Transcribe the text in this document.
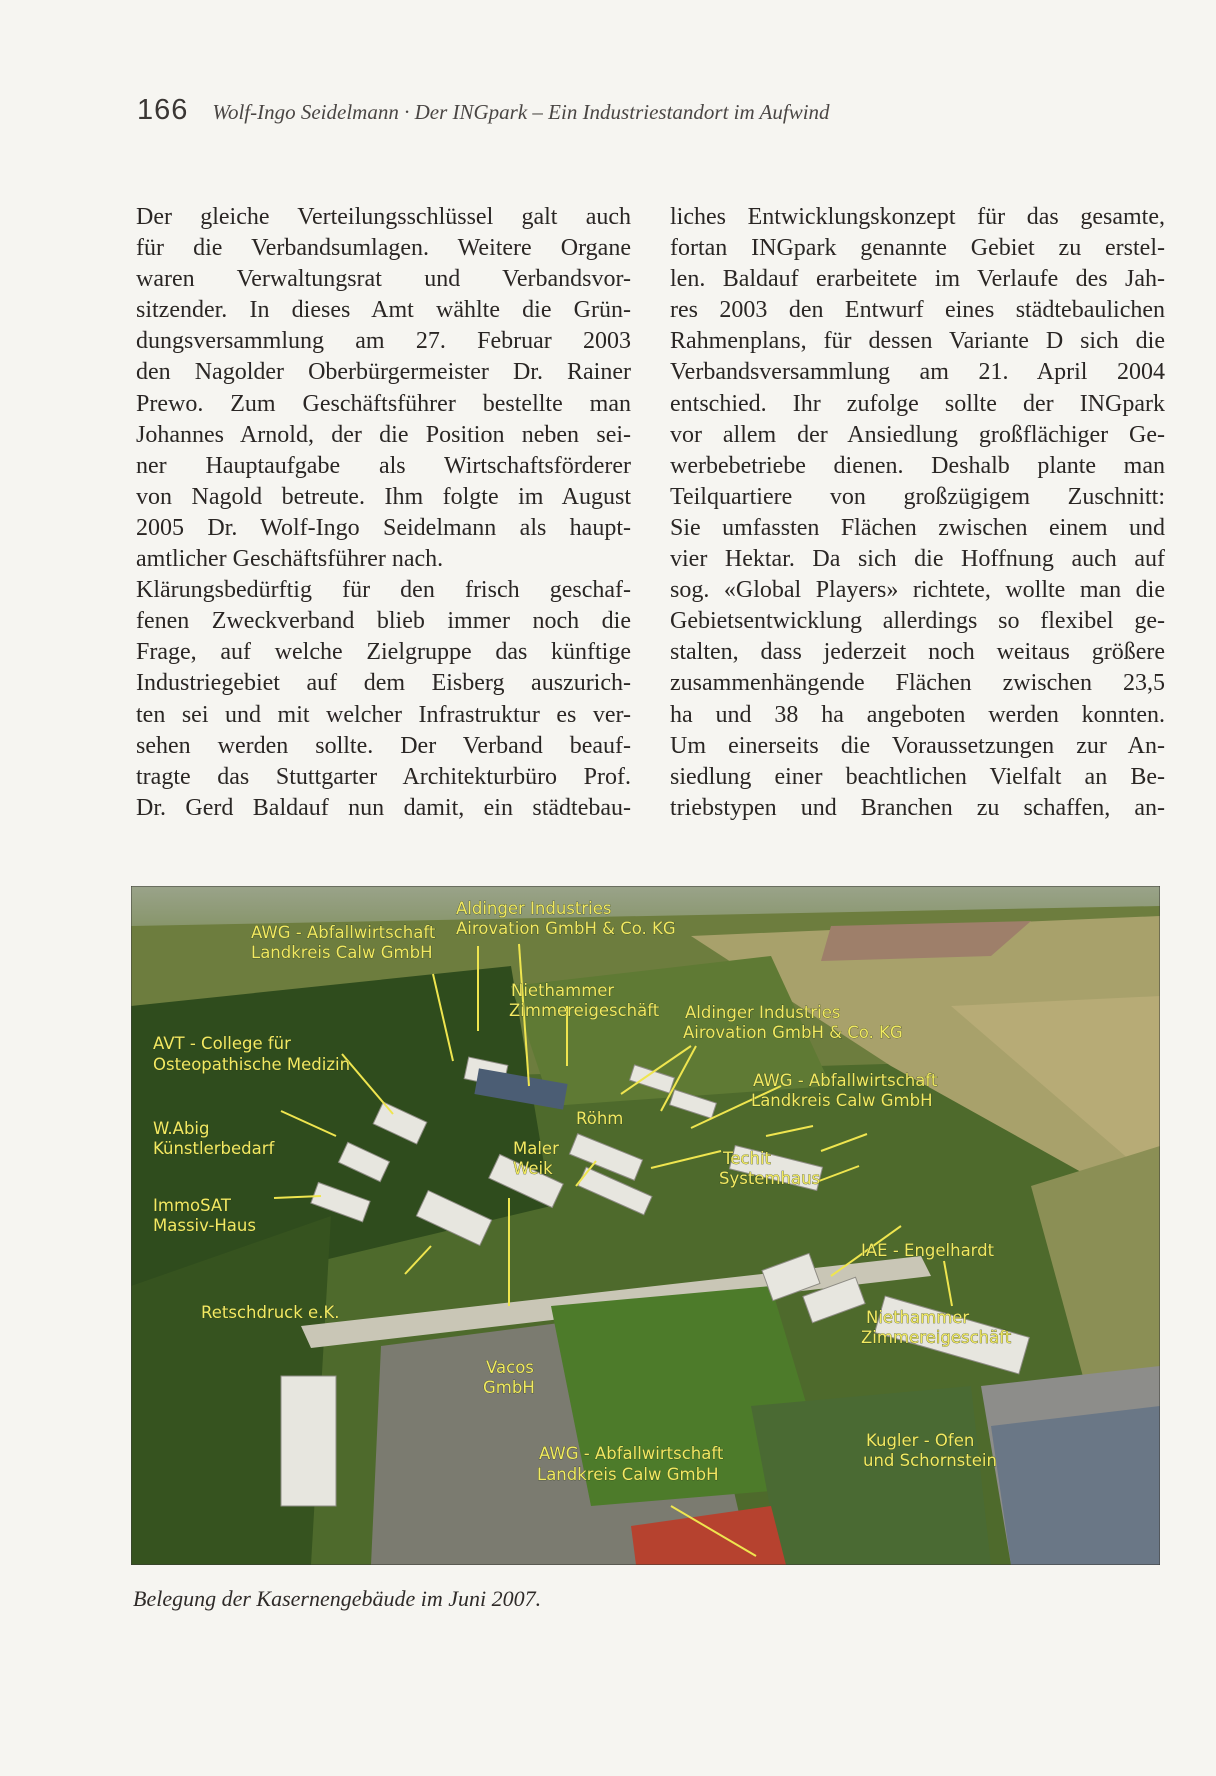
166 Wolf-Ingo Seidelmann · Der INGpark – Ein Industriestandort im Aufwind

Der gleiche Verteilungsschlüssel galt auch

für die Verbandsumlagen. Weitere Organe

waren Verwaltungsrat und Verbandsvor-

sitzender. In dieses Amt wählte die Grün-

dungsversammlung am 27. Februar 2003

den Nagolder Oberbürgermeister Dr. Rainer

Prewo. Zum Geschäftsführer bestellte man

Johannes Arnold, der die Position neben sei-

ner Hauptaufgabe als Wirtschaftsförderer

von Nagold betreute. Ihm folgte im August

2005 Dr. Wolf-Ingo Seidelmann als haupt-

amtlicher Geschäftsführer nach.

Klärungsbedürftig für den frisch geschaf-

fenen Zweckverband blieb immer noch die

Frage, auf welche Zielgruppe das künftige

Industriegebiet auf dem Eisberg auszurich-

ten sei und mit welcher Infrastruktur es ver-

sehen werden sollte. Der Verband beauf-

tragte das Stuttgarter Architekturbüro Prof.

Dr. Gerd Baldauf nun damit, ein städtebau-

liches Entwicklungskonzept für das gesamte,

fortan INGpark genannte Gebiet zu erstel-

len. Baldauf erarbeitete im Verlaufe des Jah-

res 2003 den Entwurf eines städtebaulichen

Rahmenplans, für dessen Variante D sich die

Verbandsversammlung am 21. April 2004

entschied. Ihr zufolge sollte der INGpark

vor allem der Ansiedlung großflächiger Ge-

werbebetriebe dienen. Deshalb plante man

Teilquartiere von großzügigem Zuschnitt:

Sie umfassten Flächen zwischen einem und

vier Hektar. Da sich die Hoffnung auch auf

sog. «Global Players» richtete, wollte man die

Gebietsentwicklung allerdings so flexibel ge-

stalten, dass jederzeit noch weitaus größere

zusammenhängende Flächen zwischen 23,5

ha und 38 ha angeboten werden konnten.

Um einerseits die Voraussetzungen zur An-

siedlung einer beachtlichen Vielfalt an Be-

triebstypen und Branchen zu schaffen, an-

Aldinger Industries
Airovation GmbH & Co. KG
AWG - Abfallwirtschaft
Landkreis Calw GmbH
Niethammer
Zimmereigeschäft
AVT - College für
Osteopathische Medizin
Aldinger Industries
Airovation GmbH & Co. KG
AWG - Abfallwirtschaft
Landkreis Calw GmbH
Röhm
W.Abig
Künstlerbedarf	Maler
Weik
Techit
Systemhaus
ImmoSAT
Massiv-Haus
IAE - Engelhardt
Retschdruck e.K.	Niethammer
Zimmereigeschäft
Vacos
GmbH
AWG - Abfallwirtschaft
Landkreis Calw GmbH
Kugler - Ofen
und Schornstein
Belegung der Kasernengebäude im Juni 2007.
